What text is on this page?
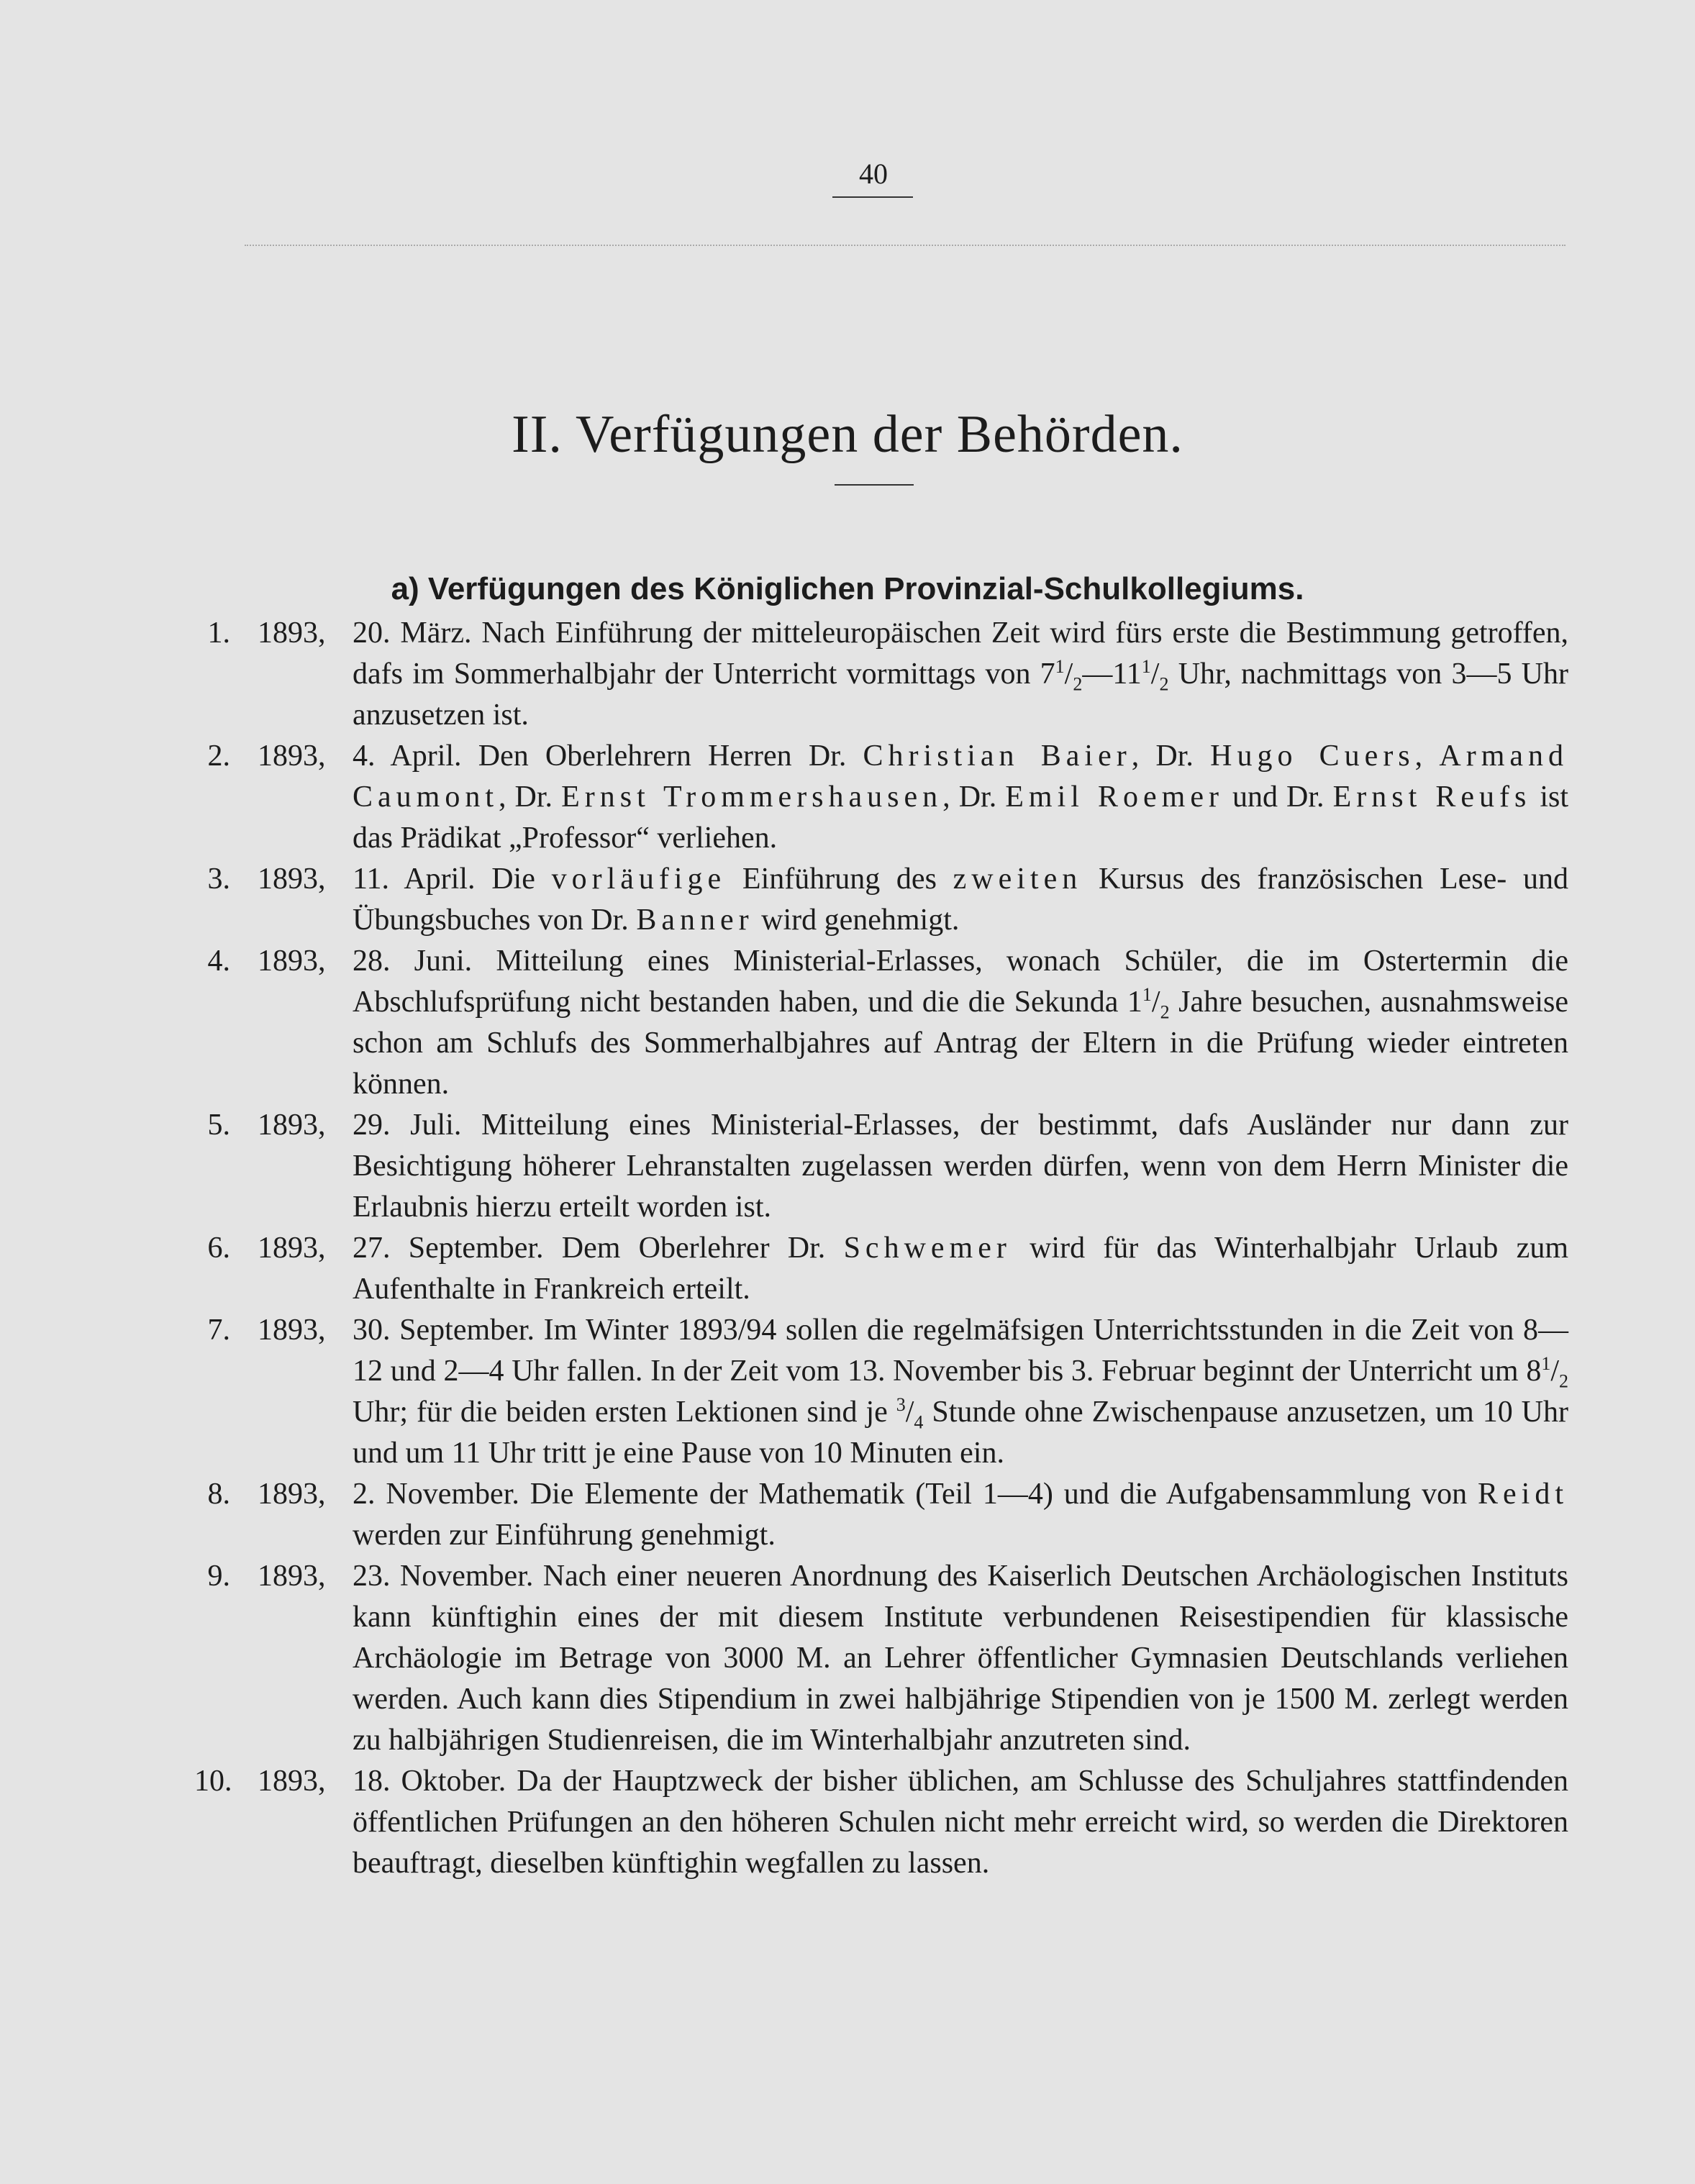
40
II. Verfügungen der Behörden.
a) Verfügungen des Königlichen Provinzial-Schulkollegiums.
1. 1893, 20. März. Nach Einführung der mitteleuropäischen Zeit wird fürs erste die Bestimmung getroffen, dafs im Sommerhalbjahr der Unterricht vormittags von $7^1/_2—11^1/_2$ Uhr, nachmittags von 3—5 Uhr anzusetzen ist.
2. 1893, 4. April. Den Oberlehrern Herren Dr. Christian Baier, Dr. Hugo Cuers, Armand Caumont, Dr. Ernst Trommershausen, Dr. Emil Roemer und Dr. Ernst Reufs ist das Prädikat „Professor“ verliehen.
3. 1893, 11. April. Die vorläufige Einführung des zweiten Kursus des französischen Lese- und Übungsbuches von Dr. Banner wird genehmigt.
4. 1893, 28. Juni. Mitteilung eines Ministerial-Erlasses, wonach Schüler, die im Ostertermin die Abschlufsprüfung nicht bestanden haben, und die die Sekunda $1^1/_2$ Jahre besuchen, ausnahmsweise schon am Schlufs des Sommerhalbjahres auf Antrag der Eltern in die Prüfung wieder eintreten können.
5. 1893, 29. Juli. Mitteilung eines Ministerial-Erlasses, der bestimmt, dafs Ausländer nur dann zur Besichtigung höherer Lehranstalten zugelassen werden dürfen, wenn von dem Herrn Minister die Erlaubnis hierzu erteilt worden ist.
6. 1893, 27. September. Dem Oberlehrer Dr. Schwemer wird für das Winterhalbjahr Urlaub zum Aufenthalte in Frankreich erteilt.
7. 1893, 30. September. Im Winter 1893/94 sollen die regelmäfsigen Unterrichtsstunden in die Zeit von 8—12 und 2—4 Uhr fallen. In der Zeit vom 13. November bis 3. Februar beginnt der Unterricht um $8^1/_2$ Uhr; für die beiden ersten Lektionen sind je $^3/_4$ Stunde ohne Zwischenpause anzusetzen, um 10 Uhr und um 11 Uhr tritt je eine Pause von 10 Minuten ein.
8. 1893, 2. November. Die Elemente der Mathematik (Teil 1—4) und die Aufgabensammlung von Reidt werden zur Einführung genehmigt.
9. 1893, 23. November. Nach einer neueren Anordnung des Kaiserlich Deutschen Archäologischen Instituts kann künftighin eines der mit diesem Institute verbundenen Reisestipendien für klassische Archäologie im Betrage von 3000 M. an Lehrer öffentlicher Gymnasien Deutschlands verliehen werden. Auch kann dies Stipendium in zwei halbjährige Stipendien von je 1500 M. zerlegt werden zu halbjährigen Studienreisen, die im Winterhalbjahr anzutreten sind.
10. 1893, 18. Oktober. Da der Hauptzweck der bisher üblichen, am Schlusse des Schuljahres stattfindenden öffentlichen Prüfungen an den höheren Schulen nicht mehr erreicht wird, so werden die Direktoren beauftragt, dieselben künftighin wegfallen zu lassen.
